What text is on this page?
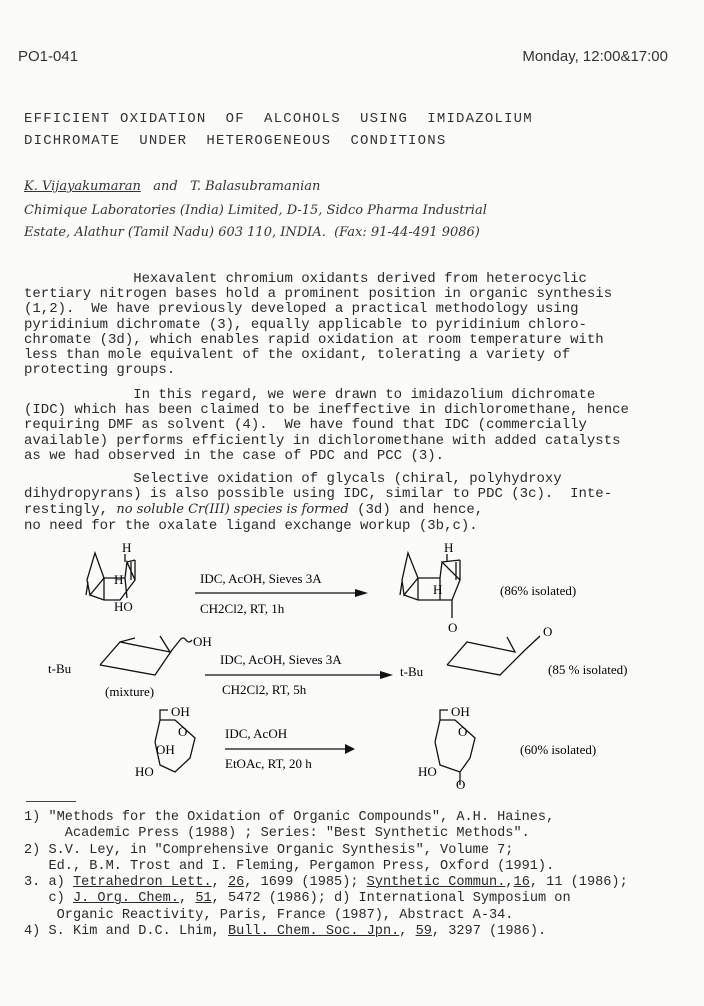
PO1-041	Monday, 12:00&17:00
EFFICIENT OXIDATION  OF  ALCOHOLS  USING  IMIDAZOLIUM
DICHROMATE  UNDER  HETEROGENEOUS  CONDITIONS
K. Vijayakumaran and T. Balasubramanian
Chimique Laboratories (India) Limited, D-15, Sidco Pharma Industrial
Estate, Alathur (Tamil Nadu) 603 110, INDIA.  (Fax: 91-44-491 9086)
Hexavalent chromium oxidants derived from heterocyclic
tertiary nitrogen bases hold a prominent position in organic synthesis
(1,2).  We have previously developed a practical methodology using
pyridinium dichromate (3), equally applicable to pyridinium chloro-
chromate (3d), which enables rapid oxidation at room temperature with
less than mole equivalent of the oxidant, tolerating a variety of
protecting groups.
In this regard, we were drawn to imidazolium dichromate
(IDC) which has been claimed to be ineffective in dichloromethane, hence
requiring DMF as solvent (4).  We have found that IDC (commercially
available) performs efficiently in dichloromethane with added catalysts
as we had observed in the case of PDC and PCC (3).
Selective oxidation of glycals (chiral, polyhydroxy
dihydropyrans) is also possible using IDC, similar to PDC (3c).  Inte-
restingly, no soluble Cr(III) species is formed (3d) and hence,
no need for the oxalate ligand exchange workup (3b,c).
H
H
HO
H
H
O
IDC, AcOH, Sieves 3A
CH2Cl2, RT, 1h
(86% isolated)
OH
t-Bu
(mixture)
t-Bu
O
IDC, AcOH, Sieves 3A
CH2Cl2, RT, 5h
(85 % isolated)
OH
O
OH
HO
OH
O
HO
O
IDC, AcOH
EtOAc, RT, 20 h
(60% isolated)
1) "Methods for the Oxidation of Organic Compounds", A.H. Haines,
Academic Press (1988) ; Series: "Best Synthetic Methods".
2) S.V. Ley, in "Comprehensive Organic Synthesis", Volume 7;
Ed., B.M. Trost and I. Fleming, Pergamon Press, Oxford (1991).
3. a) Tetrahedron Lett., 26, 1699 (1985); Synthetic Commun.,16, 11 (1986);
c) J. Org. Chem., 51, 5472 (1986); d) International Symposium on
Organic Reactivity, Paris, France (1987), Abstract A-34.
4) S. Kim and D.C. Lhim, Bull. Chem. Soc. Jpn., 59, 3297 (1986).
